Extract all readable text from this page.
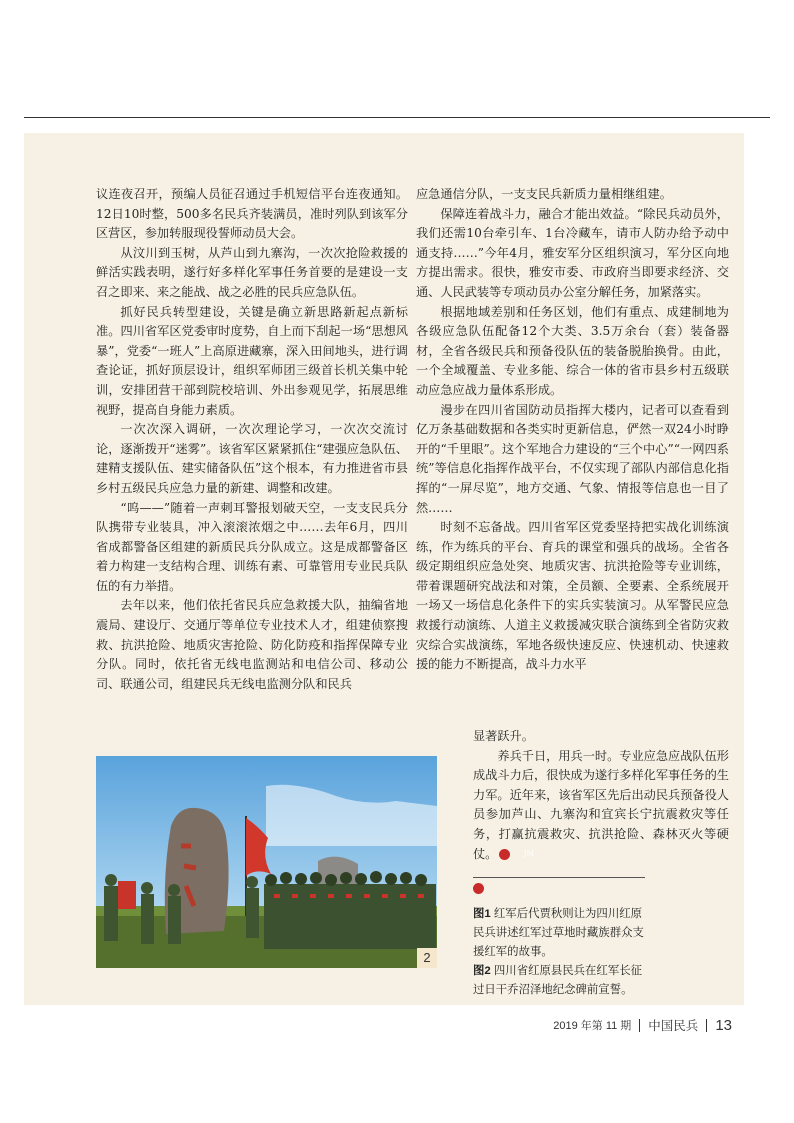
议连夜召开，预编人员征召通过手机短信平台连夜通知。12日10时整，500多名民兵齐装满员，准时列队到该军分区营区，参加转服现役誓师动员大会。

从汶川到玉树，从芦山到九寨沟，一次次抢险救援的鲜活实践表明，遂行好多样化军事任务首要的是建设一支召之即来、来之能战、战之必胜的民兵应急队伍。

抓好民兵转型建设，关键是确立新思路新起点新标准。四川省军区党委审时度势，自上而下刮起一场“思想风暴”，党委“一班人”上高原进藏寨，深入田间地头，进行调查论证，抓好顶层设计，组织军师团三级首长机关集中轮训，安排团营干部到院校培训、外出参观见学，拓展思维视野，提高自身能力素质。

一次次深入调研，一次次理论学习，一次次交流讨论，逐渐拨开“迷雾”。该省军区紧紧抓住“建强应急队伍、建精支援队伍、建实储备队伍”这个根本，有力推进省市县乡村五级民兵应急力量的新建、调整和改建。

“呜——”随着一声刺耳警报划破天空，一支支民兵分队携带专业装具，冲入滚滚浓烟之中……去年6月，四川省成都警备区组建的新质民兵分队成立。这是成都警备区着力构建一支结构合理、训练有素、可靠管用专业民兵队伍的有力举措。

去年以来，他们依托省民兵应急救援大队，抽编省地震局、建设厅、交通厅等单位专业技术人才，组建侦察搜救、抗洪抢险、地质灾害抢险、防化防疫和指挥保障专业分队。同时，依托省无线电监测站和电信公司、移动公司、联通公司，组建民兵无线电监测分队和民兵

应急通信分队，一支支民兵新质力量相继组建。

保障连着战斗力，融合才能出效益。“除民兵动员外，我们还需10台牵引车、1台冷藏车，请市人防办给予动中通支持……”今年4月，雅安军分区组织演习，军分区向地方提出需求。很快，雅安市委、市政府当即要求经济、交通、人民武装等专项动员办公室分解任务，加紧落实。

根据地域差别和任务区划，他们有重点、成建制地为各级应急队伍配备12个大类、3.5万余台（套）装备器材，全省各级民兵和预备役队伍的装备脱胎换骨。由此，一个全域覆盖、专业多能、综合一体的省市县乡村五级联动应急应战力量体系形成。

漫步在四川省国防动员指挥大楼内，记者可以查看到亿万条基础数据和各类实时更新信息，俨然一双24小时睁开的“千里眼”。这个军地合力建设的“三个中心”“一网四系统”等信息化指挥作战平台，不仅实现了部队内部信息化指挥的“一屏尽览”，地方交通、气象、情报等信息也一目了然……

时刻不忘备战。四川省军区党委坚持把实战化训练演练，作为练兵的平台、育兵的课堂和强兵的战场。全省各级定期组织应急处突、地质灾害、抗洪抢险等专业训练，带着课题研究战法和对策，全员额、全要素、全系统展开一场又一场信息化条件下的实兵实装演习。从军警民应急救援行动演练、人道主义救援减灾联合演练到全省防灾救灾综合实战演练，军地各级快速反应、快速机动、快速救援的能力不断提高，战斗力水平

显著跃升。

养兵千日，用兵一时。专业应急应战队伍形成战斗力后，很快成为遂行多样化军事任务的生力军。近年来，该省军区先后出动民兵预备役人员参加芦山、九寨沟和宜宾长宁抗震救灾等任务，打赢抗震救灾、抗洪抢险、森林灭火等硬仗。	JM

2

图1 红军后代贾秋则让为四川红原民兵讲述红军过草地时藏族群众支援红军的故事。

图2 四川省红原县民兵在红军长征过日干乔沼泽地纪念碑前宣誓。

2019 年第 11 期 中国民兵 13
